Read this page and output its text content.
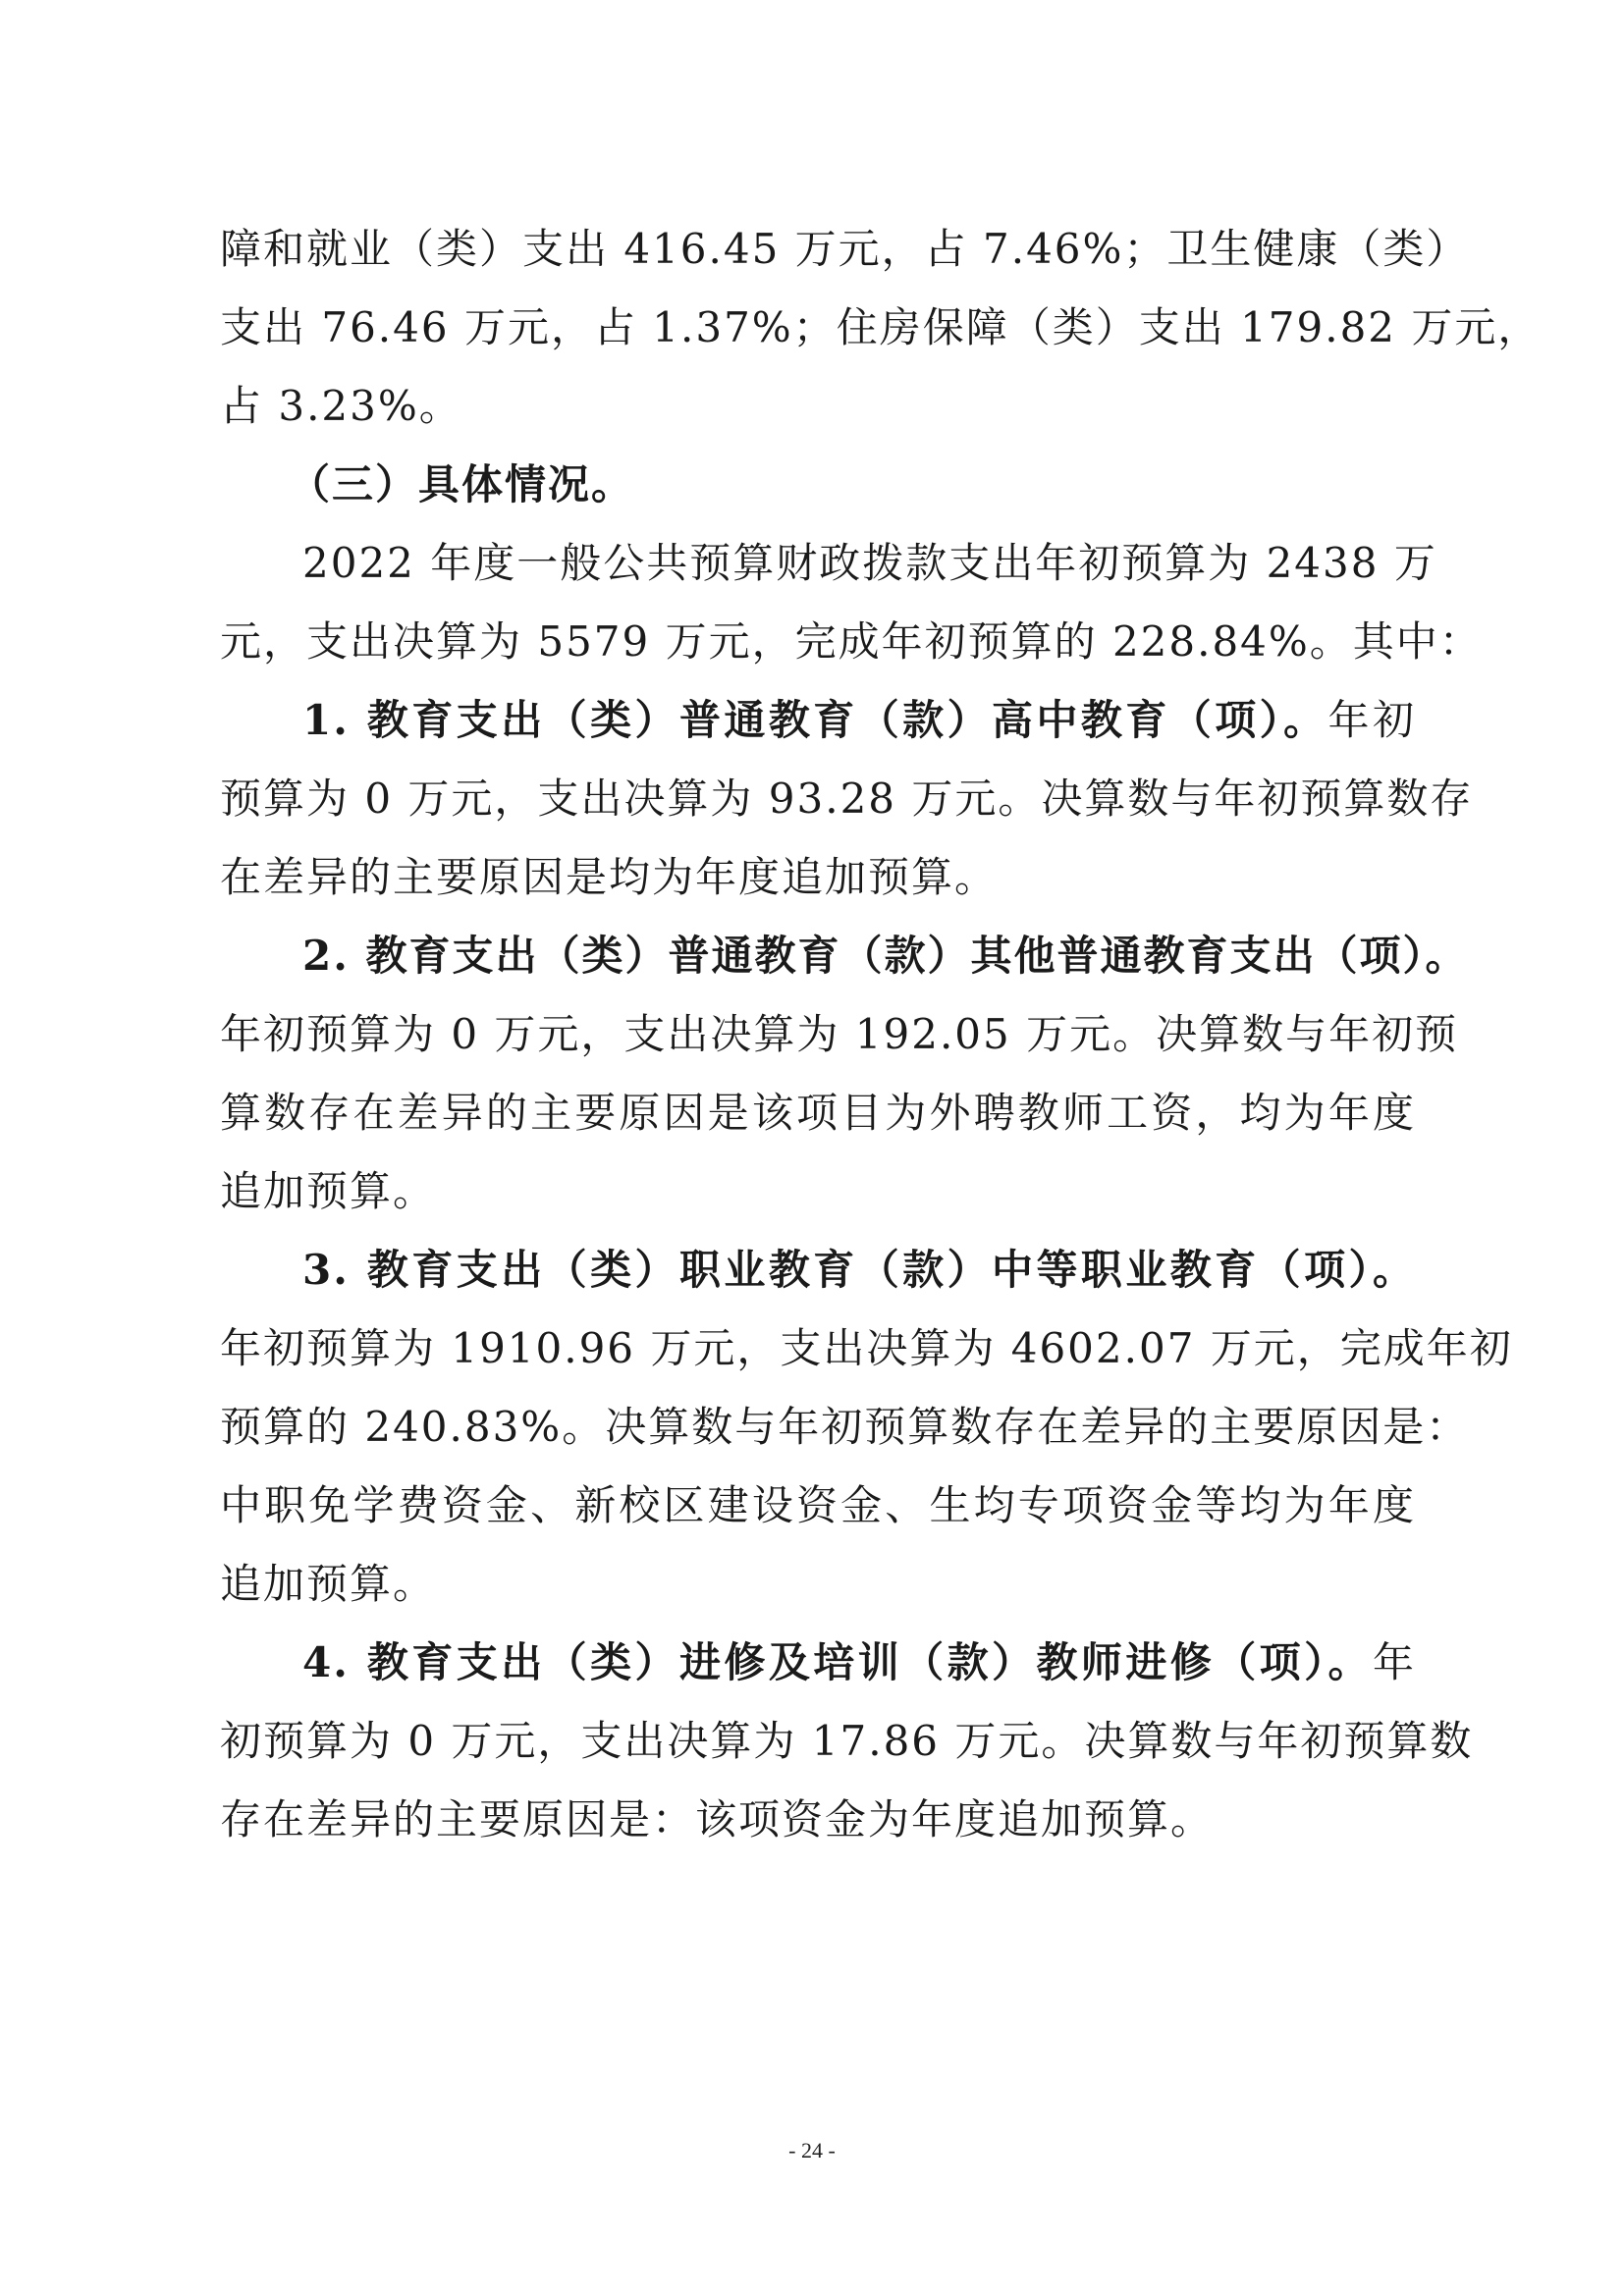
障和就业（类）支出 416.45 万元，占 7.46%；卫生健康（类）
支出 76.46 万元，占 1.37%；住房保障（类）支出 179.82 万元，
占 3.23%。
（三）具体情况。
2022 年度一般公共预算财政拨款支出年初预算为 2438 万
元，支出决算为 5579 万元，完成年初预算的 228.84%。其中：
1. 教育支出（类）普通教育（款）高中教育（项）。年初
预算为 0 万元，支出决算为 93.28 万元。决算数与年初预算数存
在差异的主要原因是均为年度追加预算。
2. 教育支出（类）普通教育（款）其他普通教育支出（项）。
年初预算为 0 万元，支出决算为 192.05 万元。决算数与年初预
算数存在差异的主要原因是该项目为外聘教师工资，均为年度
追加预算。
3. 教育支出（类）职业教育（款）中等职业教育（项）。
年初预算为 1910.96 万元，支出决算为 4602.07 万元，完成年初
预算的 240.83%。决算数与年初预算数存在差异的主要原因是：
中职免学费资金、新校区建设资金、生均专项资金等均为年度
追加预算。
4. 教育支出（类）进修及培训（款）教师进修（项）。年
初预算为 0 万元，支出决算为 17.86 万元。决算数与年初预算数
存在差异的主要原因是：该项资金为年度追加预算。
- 24 -
